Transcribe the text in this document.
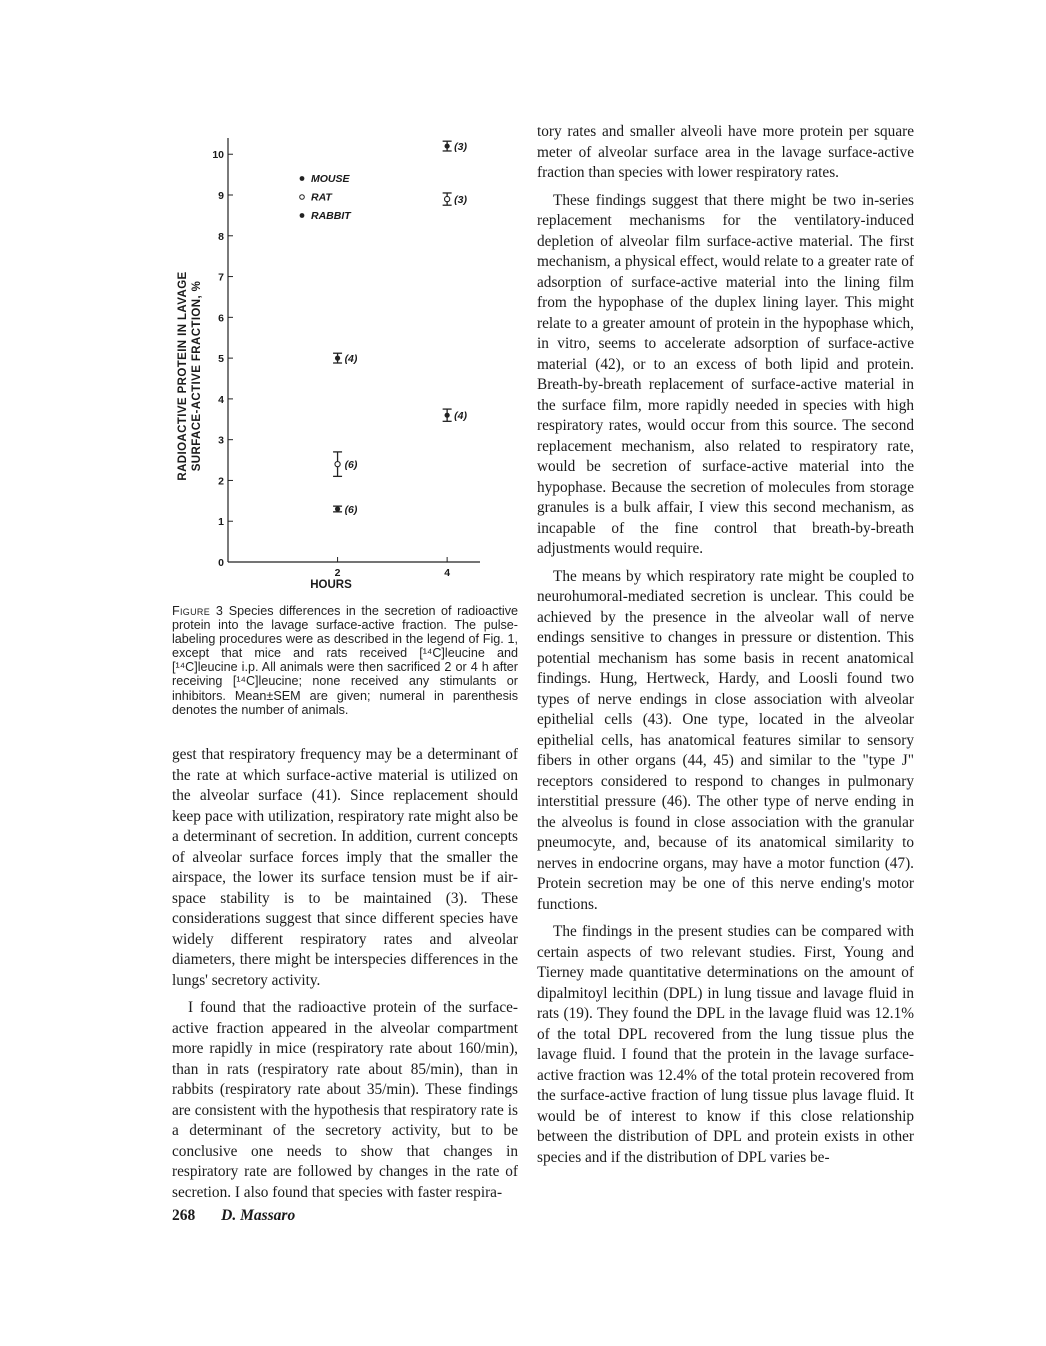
RADIOACTIVE PROTEIN IN LAVAGE SURFACE-ACTIVE FRACTION, %
HOURS
MOUSE
RAT
RABBIT
0
1
2
3
4
5
6
7
8
9
10
2	4
(4)
(6)
(6)
(3)
(3)
(4)
Figure 3 Species differences in the secretion of radioactive protein into the lavage surface-active fraction. The pulse-labeling procedures were as described in the legend of Fig. 1, except that mice and rats received [¹⁴C]leucine and [¹⁴C]leucine i.p. All animals were then sacrificed 2 or 4 h after receiving [¹⁴C]leucine; none received any stimulants or inhibitors. Mean±SEM are given; numeral in parenthesis denotes the number of animals.

gest that respiratory frequency may be a determinant of the rate at which surface-active material is utilized on the alveolar surface (41). Since replacement should keep pace with utilization, respiratory rate might also be a determinant of secretion. In addition, current concepts of alveolar surface forces imply that the smaller the airspace, the lower its surface tension must be if air-space stability is to be maintained (3). These considerations suggest that since different species have widely different respiratory rates and alveolar diameters, there might be interspecies differences in the lungs' secretory activity.

I found that the radioactive protein of the surface-active fraction appeared in the alveolar compartment more rapidly in mice (respiratory rate about 160/min), than in rats (respiratory rate about 85/min), than in rabbits (respiratory rate about 35/min). These findings are consistent with the hypothesis that respiratory rate is a determinant of the secretory activity, but to be conclusive one needs to show that changes in respiratory rate are followed by changes in the rate of secretion. I also found that species with faster respira-

tory rates and smaller alveoli have more protein per square meter of alveolar surface area in the lavage surface-active fraction than species with lower respiratory rates.

These findings suggest that there might be two in-series replacement mechanisms for the ventilatory-induced depletion of alveolar film surface-active material. The first mechanism, a physical effect, would relate to a greater rate of adsorption of surface-active material into the lining film from the hypophase of the duplex lining layer. This might relate to a greater amount of protein in the hypophase which, in vitro, seems to accelerate adsorption of surface-active material (42), or to an excess of both lipid and protein. Breath-by-breath replacement of surface-active material in the surface film, more rapidly needed in species with high respiratory rates, would occur from this source. The second replacement mechanism, also related to respiratory rate, would be secretion of surface-active material into the hypophase. Because the secretion of molecules from storage granules is a bulk affair, I view this second mechanism, as incapable of the fine control that breath-by-breath adjustments would require.

The means by which respiratory rate might be coupled to neurohumoral-mediated secretion is unclear. This could be achieved by the presence in the alveolar wall of nerve endings sensitive to changes in pressure or distention. This potential mechanism has some basis in recent anatomical findings. Hung, Hertweck, Hardy, and Loosli found two types of nerve endings in close association with alveolar epithelial cells (43). One type, located in the alveolar epithelial cells, has anatomical features similar to sensory fibers in other organs (44, 45) and similar to the "type J" receptors considered to respond to changes in pulmonary interstitial pressure (46). The other type of nerve ending in the alveolus is found in close association with the granular pneumocyte, and, because of its anatomical similarity to nerves in endocrine organs, may have a motor function (47). Protein secretion may be one of this nerve ending's motor functions.

The findings in the present studies can be compared with certain aspects of two relevant studies. First, Young and Tierney made quantitative determinations on the amount of dipalmitoyl lecithin (DPL) in lung tissue and lavage fluid in rats (19). They found the DPL in the lavage fluid was 12.1% of the total DPL recovered from the lung tissue plus the lavage fluid. I found that the protein in the lavage surface-active fraction was 12.4% of the total protein recovered from the surface-active fraction of lung tissue plus lavage fluid. It would be of interest to know if this close relationship between the distribution of DPL and protein exists in other species and if the distribution of DPL varies be-

268 D. Massaro
